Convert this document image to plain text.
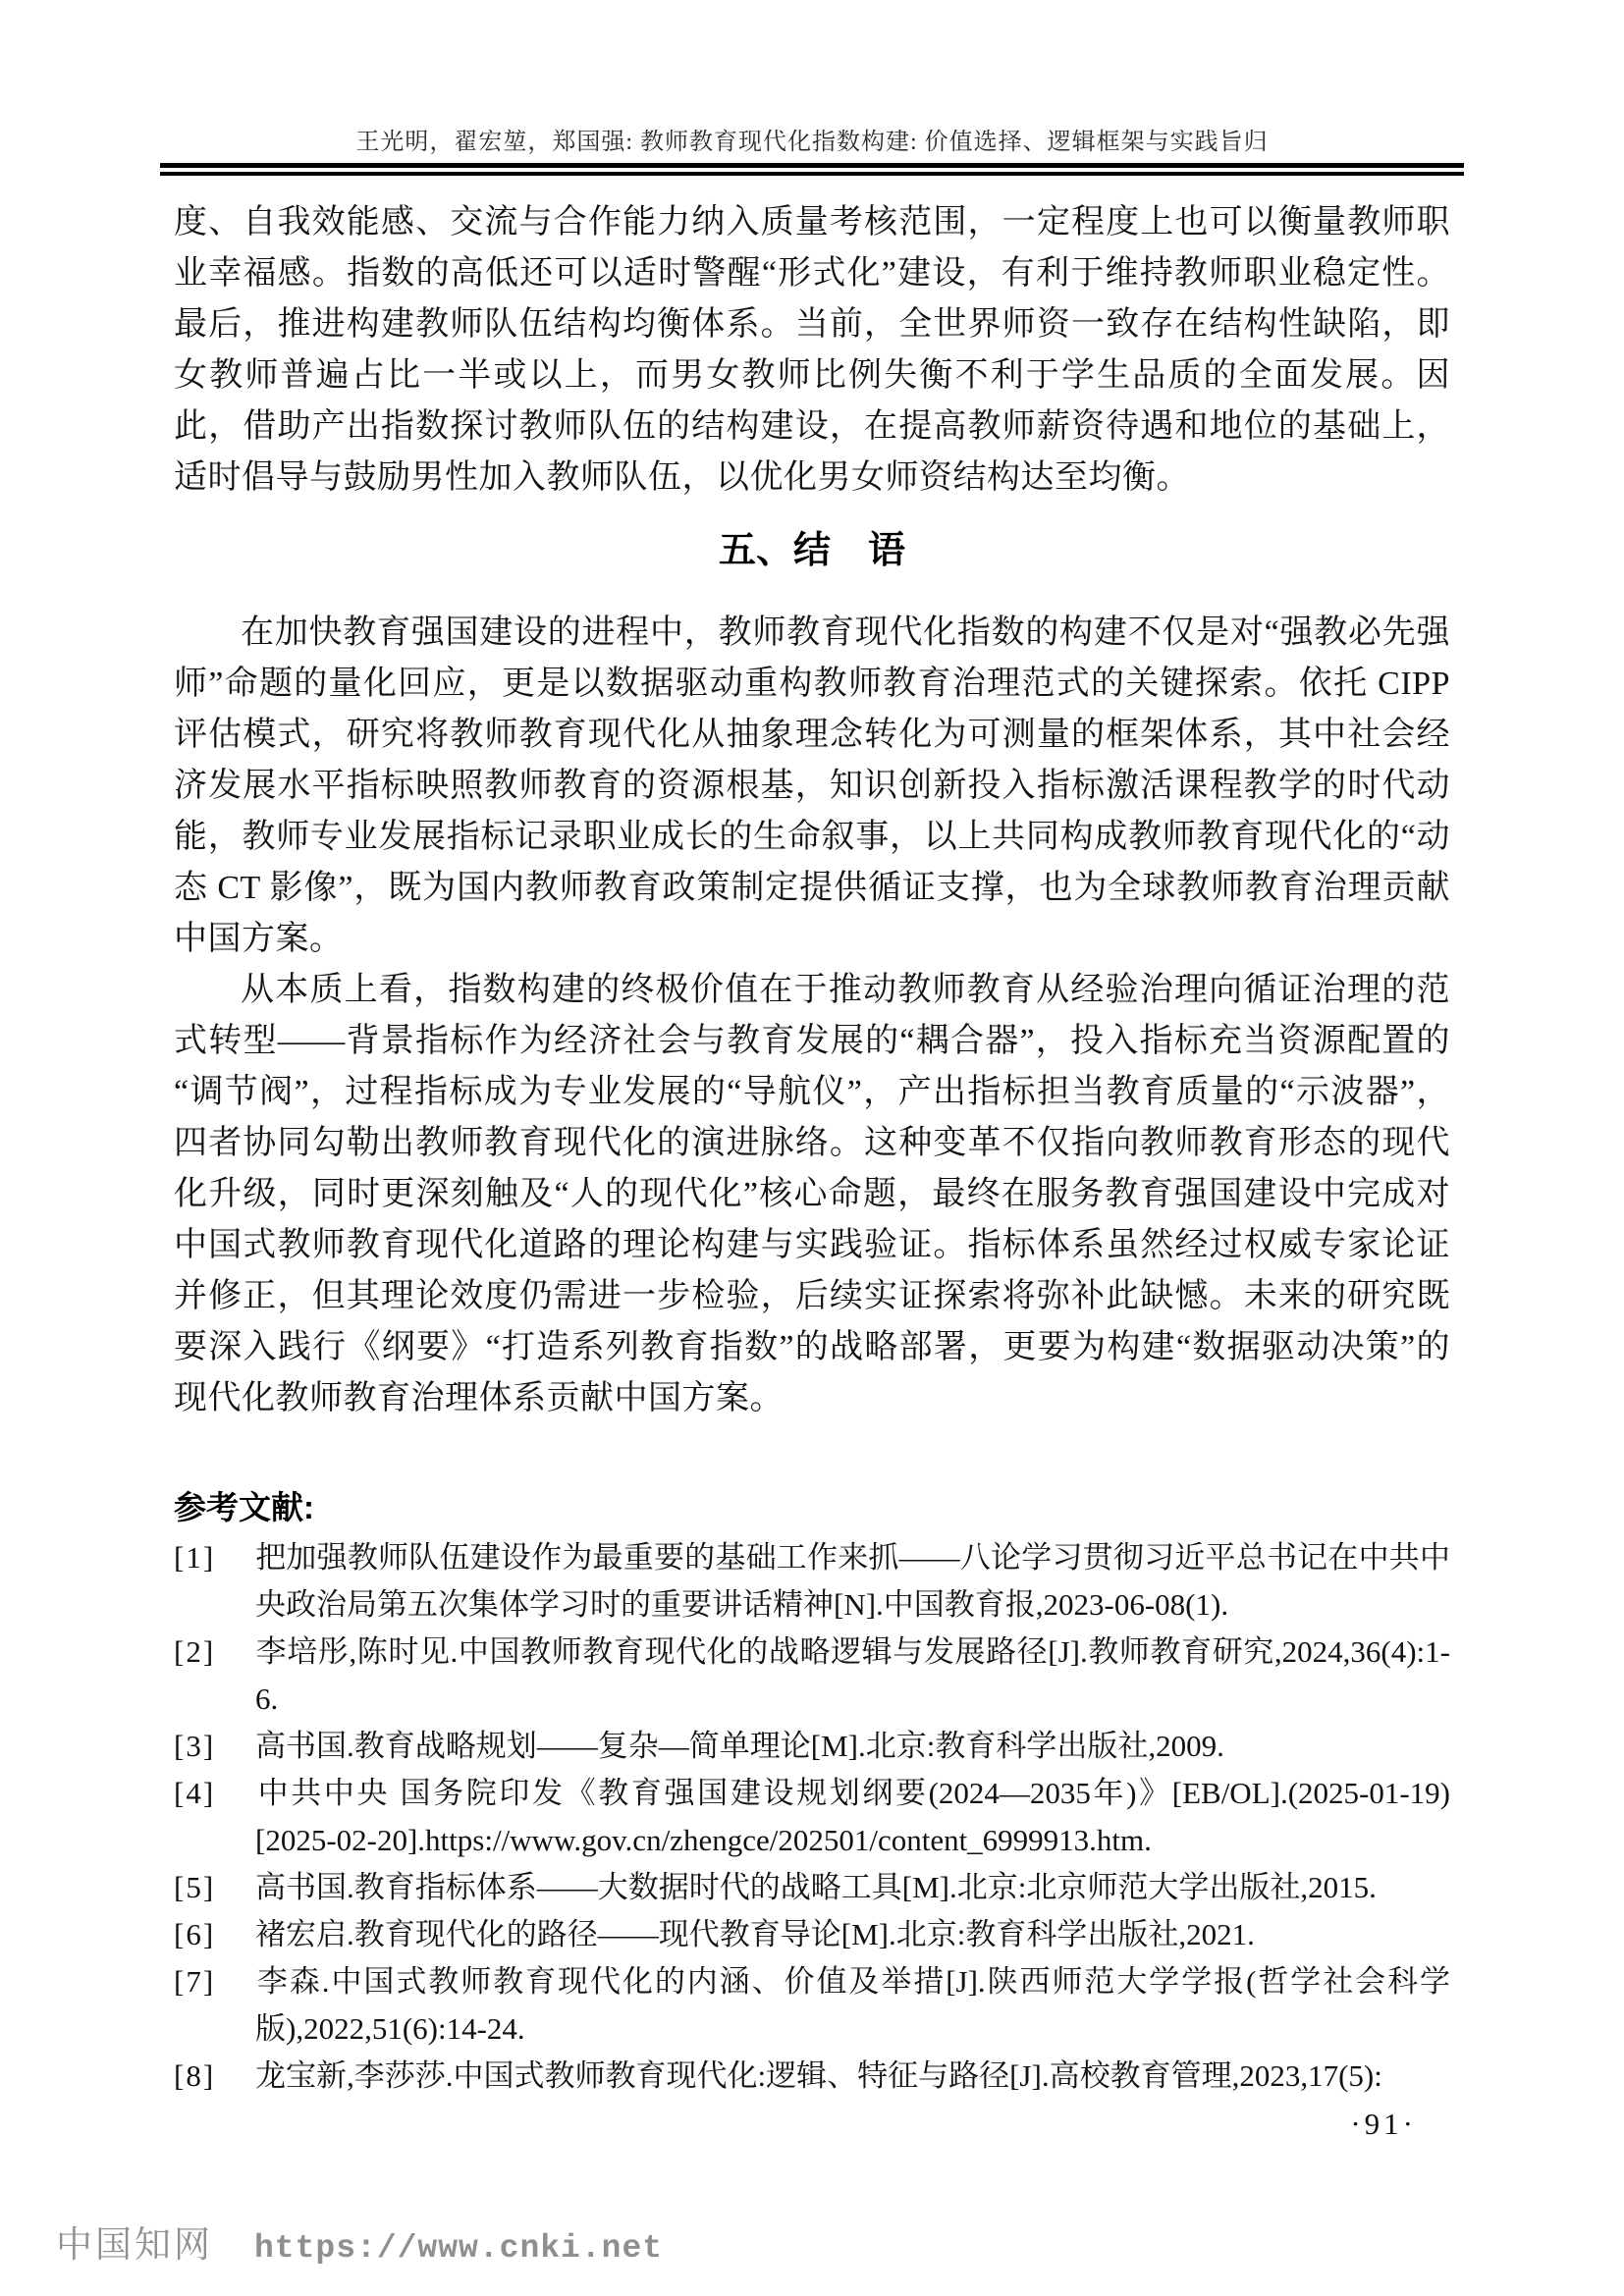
王光明，翟宏堃，郑国强: 教师教育现代化指数构建: 价值选择、逻辑框架与实践旨归

度、自我效能感、交流与合作能力纳入质量考核范围，一定程度上也可以衡量教师职业幸福感。指数的高低还可以适时警醒“形式化”建设，有利于维持教师职业稳定性。最后，推进构建教师队伍结构均衡体系。当前，全世界师资一致存在结构性缺陷，即女教师普遍占比一半或以上，而男女教师比例失衡不利于学生品质的全面发展。因此，借助产出指数探讨教师队伍的结构建设，在提高教师薪资待遇和地位的基础上，适时倡导与鼓励男性加入教师队伍，以优化男女师资结构达至均衡。

五、结　语

在加快教育强国建设的进程中，教师教育现代化指数的构建不仅是对“强教必先强师”命题的量化回应，更是以数据驱动重构教师教育治理范式的关键探索。依托 CIPP 评估模式，研究将教师教育现代化从抽象理念转化为可测量的框架体系，其中社会经济发展水平指标映照教师教育的资源根基，知识创新投入指标激活课程教学的时代动能，教师专业发展指标记录职业成长的生命叙事，以上共同构成教师教育现代化的“动态 CT 影像”，既为国内教师教育政策制定提供循证支撑，也为全球教师教育治理贡献中国方案。

从本质上看，指数构建的终极价值在于推动教师教育从经验治理向循证治理的范式转型——背景指标作为经济社会与教育发展的“耦合器”，投入指标充当资源配置的“调节阀”，过程指标成为专业发展的“导航仪”，产出指标担当教育质量的“示波器”，四者协同勾勒出教师教育现代化的演进脉络。这种变革不仅指向教师教育形态的现代化升级，同时更深刻触及“人的现代化”核心命题，最终在服务教育强国建设中完成对中国式教师教育现代化道路的理论构建与实践验证。指标体系虽然经过权威专家论证并修正，但其理论效度仍需进一步检验，后续实证探索将弥补此缺憾。未来的研究既要深入践行《纲要》“打造系列教育指数”的战略部署，更要为构建“数据驱动决策”的现代化教师教育治理体系贡献中国方案。

参考文献:
[1] 把加强教师队伍建设作为最重要的基础工作来抓——八论学习贯彻习近平总书记在中共中央政治局第五次集体学习时的重要讲话精神[N].中国教育报,2023-06-08(1).
[2] 李培彤,陈时见.中国教师教育现代化的战略逻辑与发展路径[J].教师教育研究,2024,36(4):1-6.
[3] 高书国.教育战略规划——复杂—简单理论[M].北京:教育科学出版社,2009.
[4] 中共中央 国务院印发《教育强国建设规划纲要(2024—2035年)》[EB/OL].(2025-01-19)[2025-02-20].https://www.gov.cn/zhengce/202501/content_6999913.htm.
[5] 高书国.教育指标体系——大数据时代的战略工具[M].北京:北京师范大学出版社,2015.
[6] 褚宏启.教育现代化的路径——现代教育导论[M].北京:教育科学出版社,2021.
[7] 李森.中国式教师教育现代化的内涵、价值及举措[J].陕西师范大学学报(哲学社会科学版),2022,51(6):14-24.
[8] 龙宝新,李莎莎.中国式教师教育现代化:逻辑、特征与路径[J].高校教育管理,2023,17(5):
·91·
中国知网 https://www.cnki.net
